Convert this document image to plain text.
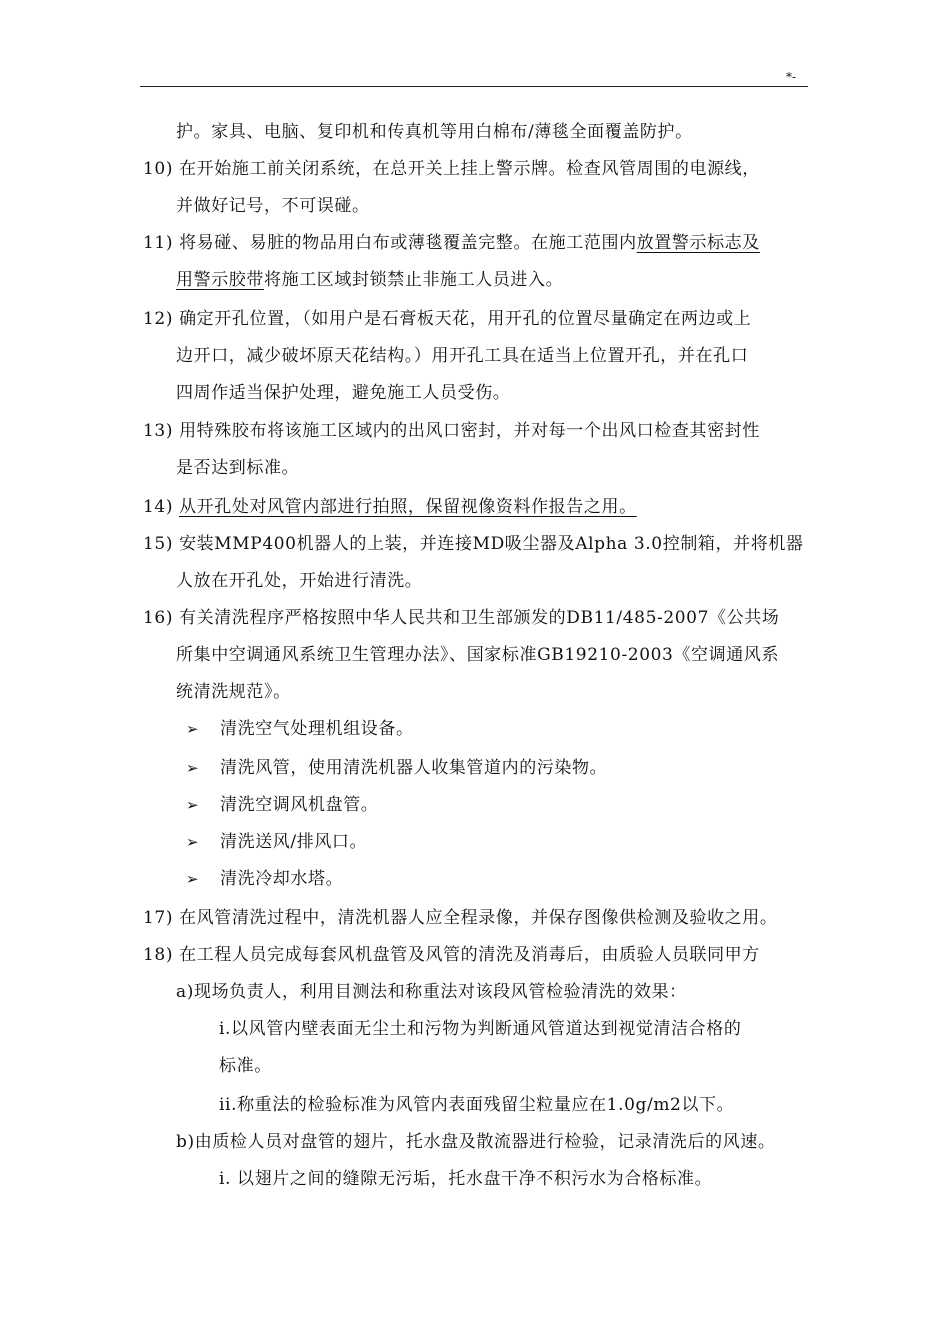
*-
护。家具、电脑、复印机和传真机等用白棉布/薄毯全面覆盖防护。
10) 在开始施工前关闭系统，在总开关上挂上警示牌。检查风管周围的电源线，
并做好记号，不可误碰。
11) 将易碰、易脏的物品用白布或薄毯覆盖完整。在施工范围内放置警示标志及
用警示胶带将施工区域封锁禁止非施工人员进入。
12) 确定开孔位置，（如用户是石膏板天花，用开孔的位置尽量确定在两边或上
边开口，减少破坏原天花结构。）用开孔工具在适当上位置开孔，并在孔口
四周作适当保护处理，避免施工人员受伤。
13) 用特殊胶布将该施工区域内的出风口密封，并对每一个出风口检查其密封性
是否达到标准。
14) 从开孔处对风管内部进行拍照，保留视像资料作报告之用。
15) 安装MMP400机器人的上装，并连接MD吸尘器及Alpha 3.0控制箱，并将机器
人放在开孔处，开始进行清洗。
16) 有关清洗程序严格按照中华人民共和卫生部颁发的DB11/485-2007《公共场
所集中空调通风系统卫生管理办法》、国家标准GB19210-2003《空调通风系
统清洗规范》。
➢ 清洗空气处理机组设备。
➢ 清洗风管，使用清洗机器人收集管道内的污染物。
➢ 清洗空调风机盘管。
➢ 清洗送风/排风口。
➢ 清洗冷却水塔。
17) 在风管清洗过程中，清洗机器人应全程录像，并保存图像供检测及验收之用。
18) 在工程人员完成每套风机盘管及风管的清洗及消毒后，由质验人员联同甲方
a)现场负责人，利用目测法和称重法对该段风管检验清洗的效果：
i.以风管内壁表面无尘土和污物为判断通风管道达到视觉清洁合格的
标准。
ii.称重法的检验标准为风管内表面残留尘粒量应在1.0g/m2以下。
b)由质检人员对盘管的翅片，托水盘及散流器进行检验，记录清洗后的风速。
i. 以翅片之间的缝隙无污垢，托水盘干净不积污水为合格标准。
